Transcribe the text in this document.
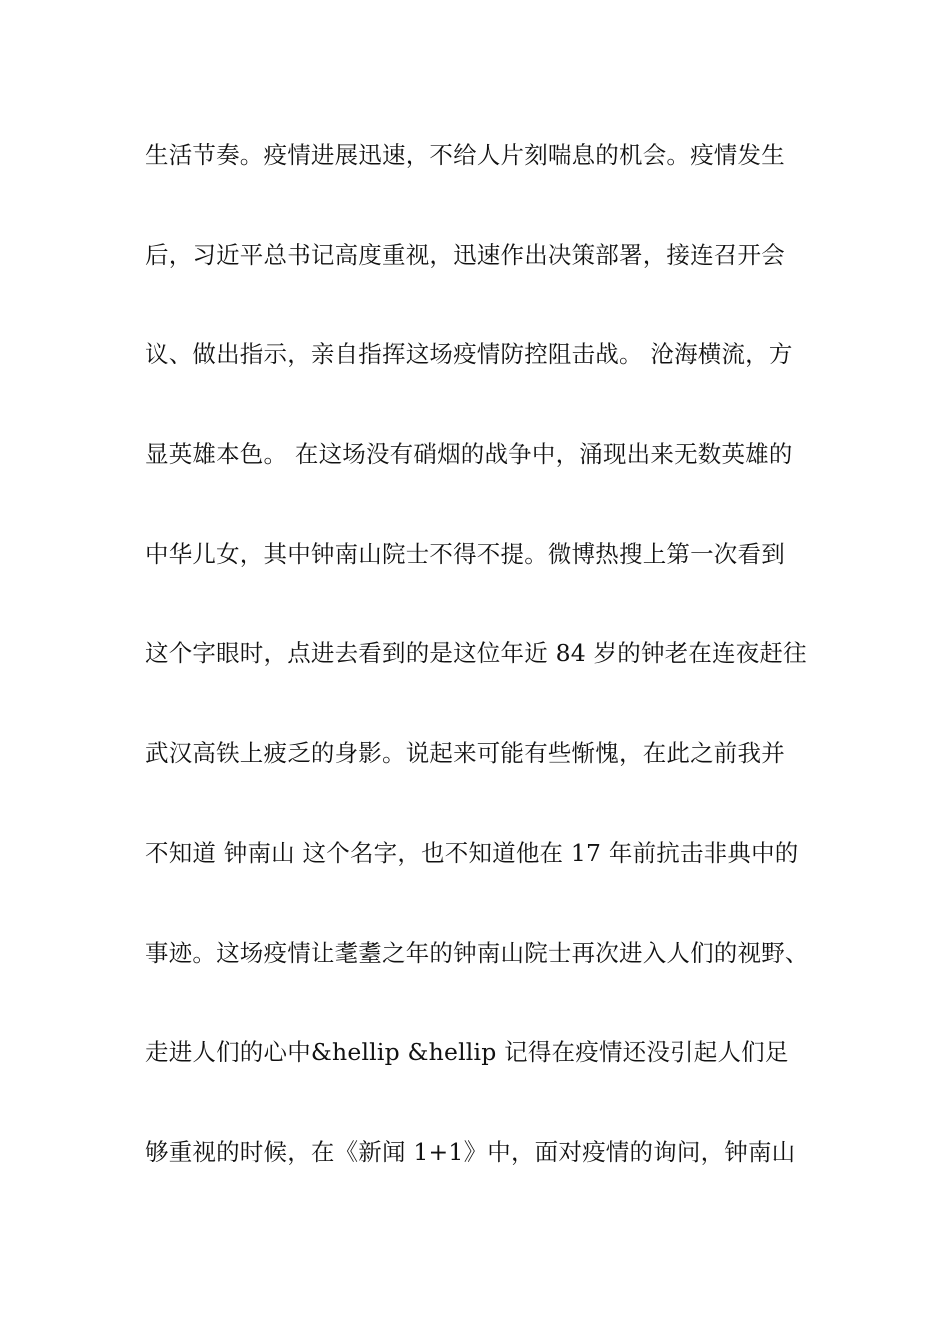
生活节奏。疫情进展迅速，不给人片刻喘息的机会。疫情发生
后，习近平总书记高度重视，迅速作出决策部署，接连召开会
议、做出指示，亲自指挥这场疫情防控阻击战。 沧海横流，方
显英雄本色。 在这场没有硝烟的战争中，涌现出来无数英雄的
中华儿女，其中钟南山院士不得不提。微博热搜上第一次看到
这个字眼时，点进去看到的是这位年近 84 岁的钟老在连夜赶往
武汉高铁上疲乏的身影。说起来可能有些惭愧，在此之前我并
不知道 钟南山 这个名字，也不知道他在 17 年前抗击非典中的
事迹。这场疫情让耄耋之年的钟南山院士再次进入人们的视野、
走进人们的心中&hellip &hellip 记得在疫情还没引起人们足
够重视的时候，在《新闻 1+1》中，面对疫情的询问，钟南山
